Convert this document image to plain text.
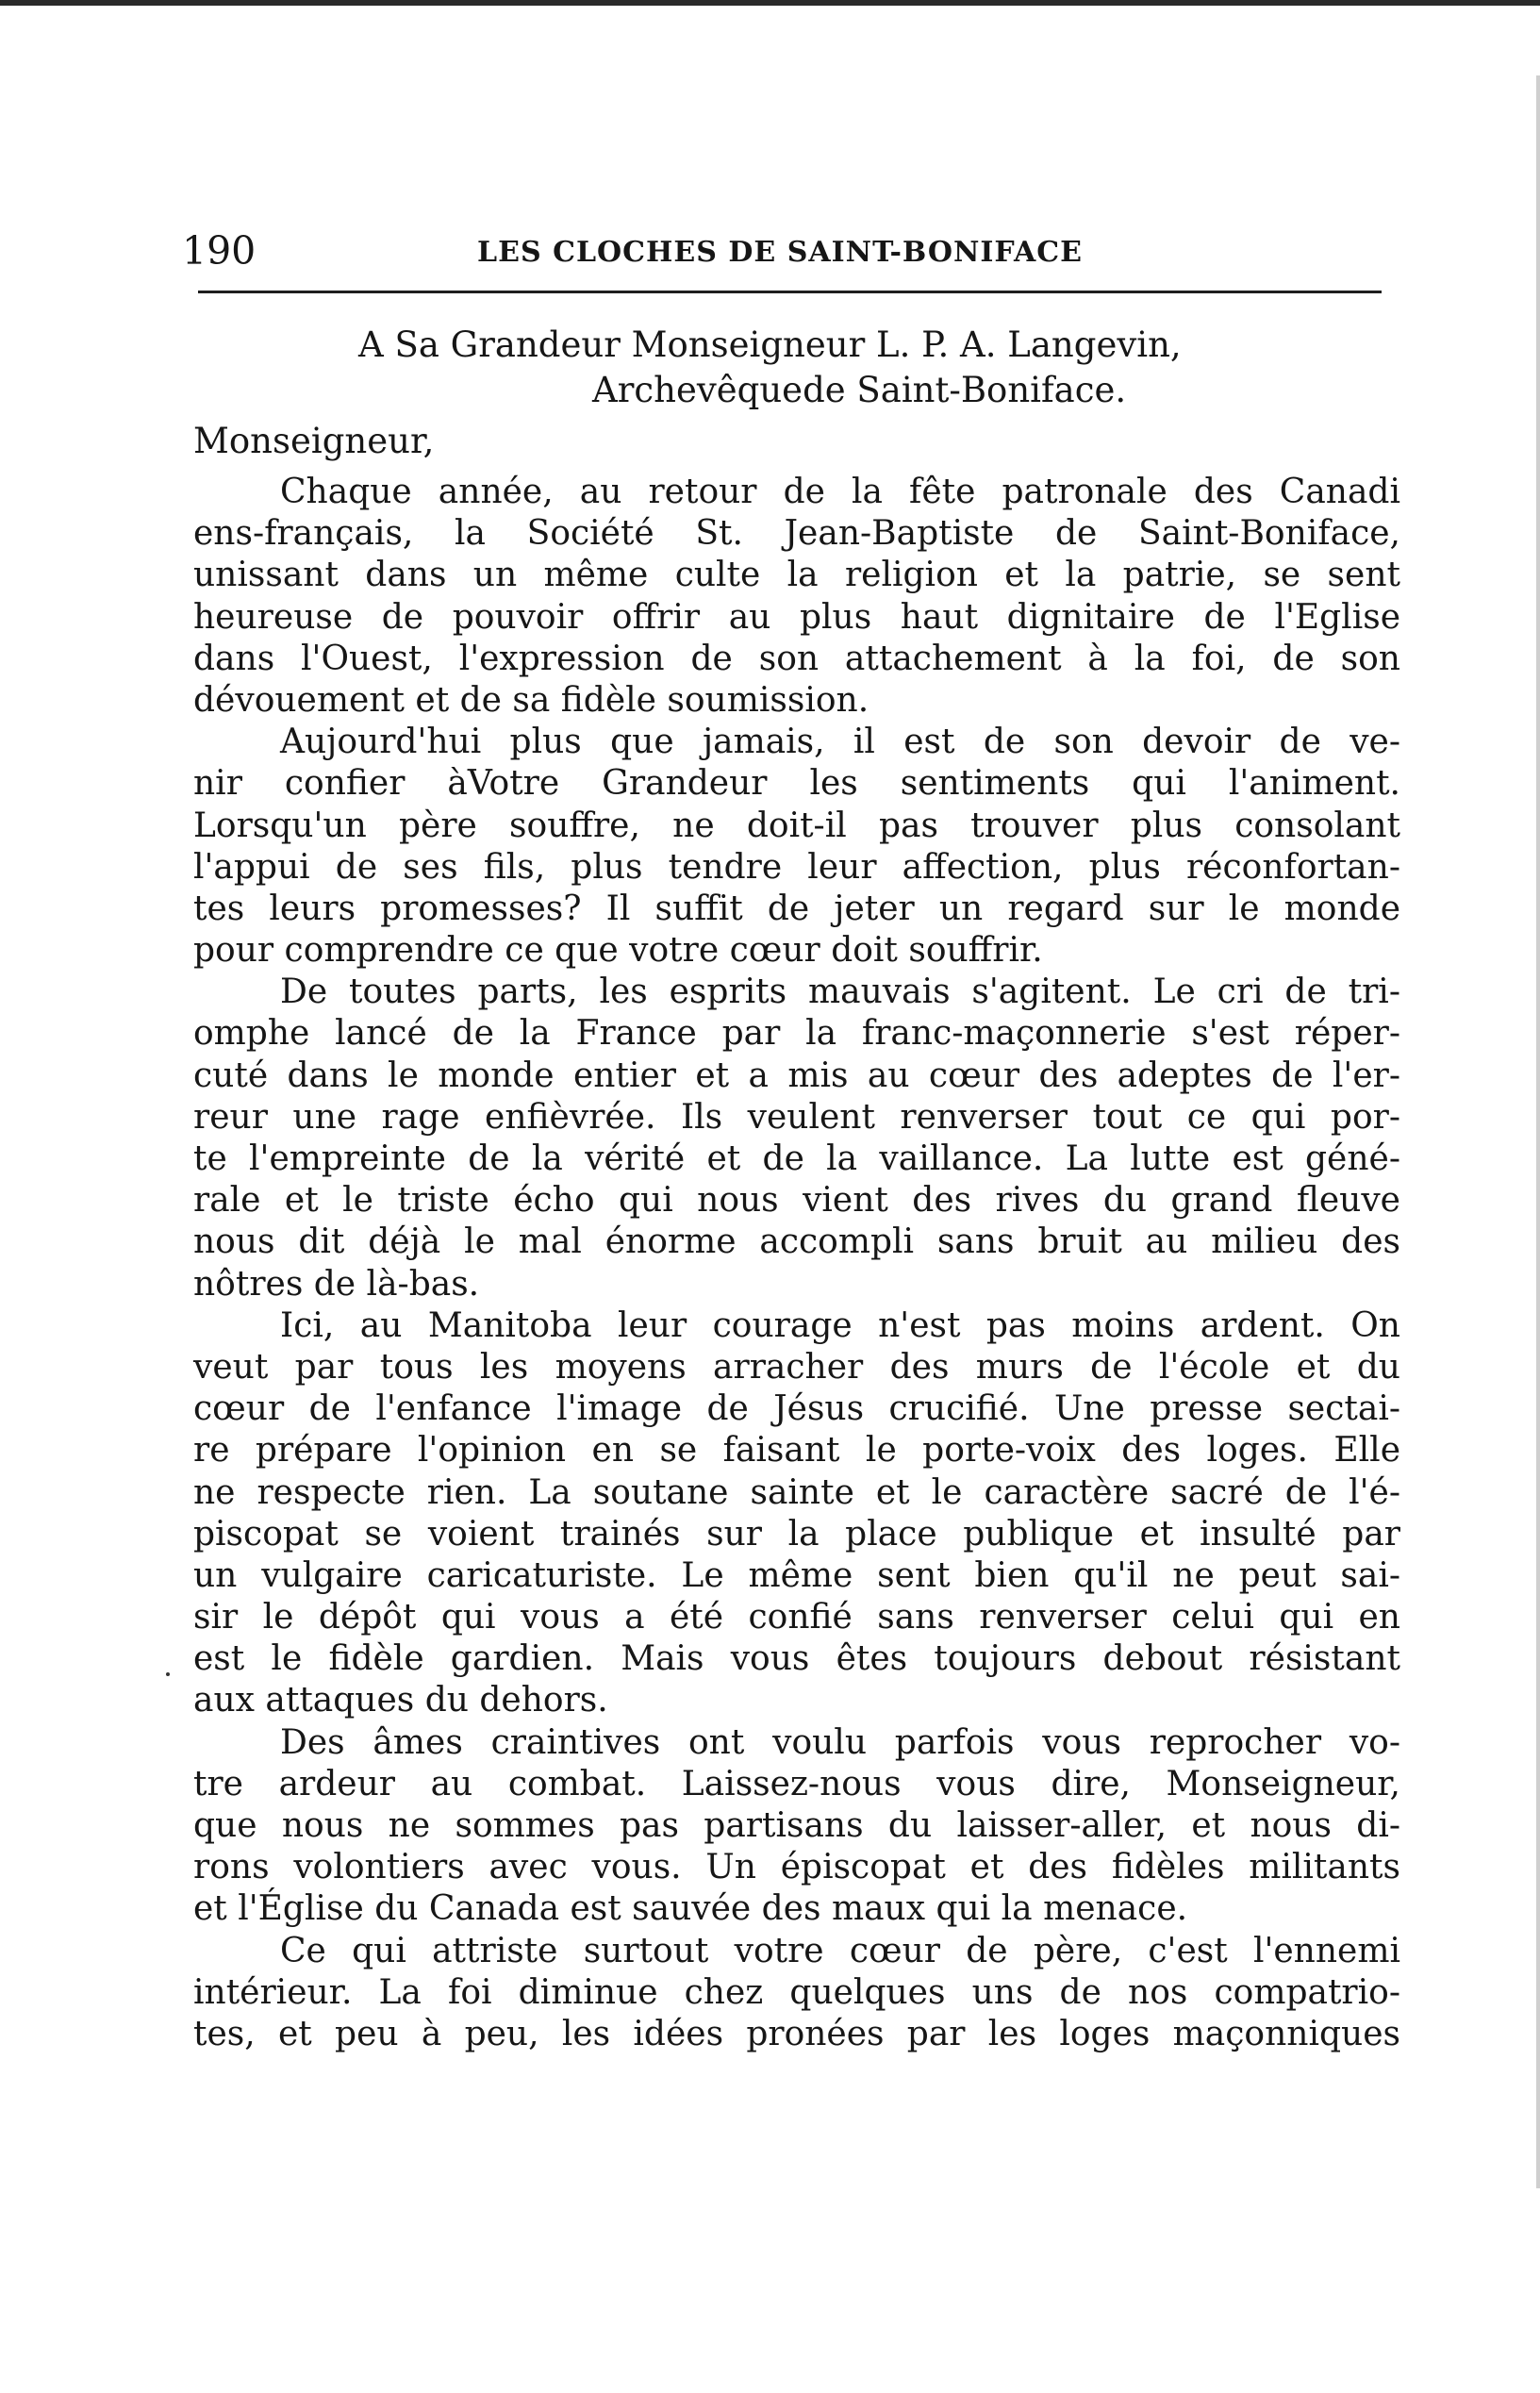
190	LES CLOCHES DE SAINT-BONIFACE
A Sa Grandeur Monseigneur L. P. A. Langevin,
Archevêquede Saint-Boniface.
Monseigneur,
Chaque année, au retour de la fête patronale des Canadi
ens-français, la Société St. Jean-Baptiste de Saint-Boniface,
unissant dans un même culte la religion et la patrie, se sent
heureuse de pouvoir offrir au plus haut dignitaire de l'Eglise
dans l'Ouest, l'expression de son attachement à la foi, de son
dévouement et de sa fidèle soumission.
Aujourd'hui plus que jamais, il est de son devoir de ve-
nir confier àVotre Grandeur les sentiments qui l'animent.
Lorsqu'un père souffre, ne doit-il pas trouver plus consolant
l'appui de ses fils, plus tendre leur affection, plus réconfortan-
tes leurs promesses? Il suffit de jeter un regard sur le monde
pour comprendre ce que votre cœur doit souffrir.
De toutes parts, les esprits mauvais s'agitent. Le cri de tri-
omphe lancé de la France par la franc-maçonnerie s'est réper-
cuté dans le monde entier et a mis au cœur des adeptes de l'er-
reur une rage enfièvrée. Ils veulent renverser tout ce qui por-
te l'empreinte de la vérité et de la vaillance. La lutte est géné-
rale et le triste écho qui nous vient des rives du grand fleuve
nous dit déjà le mal énorme accompli sans bruit au milieu des
nôtres de là-bas.
Ici, au Manitoba leur courage n'est pas moins ardent. On
veut par tous les moyens arracher des murs de l'école et du
cœur de l'enfance l'image de Jésus crucifié. Une presse sectai-
re prépare l'opinion en se faisant le porte-voix des loges. Elle
ne respecte rien. La soutane sainte et le caractère sacré de l'é-
piscopat se voient trainés sur la place publique et insulté par
un vulgaire caricaturiste. Le même sent bien qu'il ne peut sai-
sir le dépôt qui vous a été confié sans renverser celui qui en
est le fidèle gardien. Mais vous êtes toujours debout résistant
aux attaques du dehors.
Des âmes craintives ont voulu parfois vous reprocher vo-
tre ardeur au combat. Laissez-nous vous dire, Monseigneur,
que nous ne sommes pas partisans du laisser-aller, et nous di-
rons volontiers avec vous. Un épiscopat et des fidèles militants
et l'Église du Canada est sauvée des maux qui la menace.
Ce qui attriste surtout votre cœur de père, c'est l'ennemi
intérieur. La foi diminue chez quelques uns de nos compatrio-
tes, et peu à peu, les idées pronées par les loges maçonniques
